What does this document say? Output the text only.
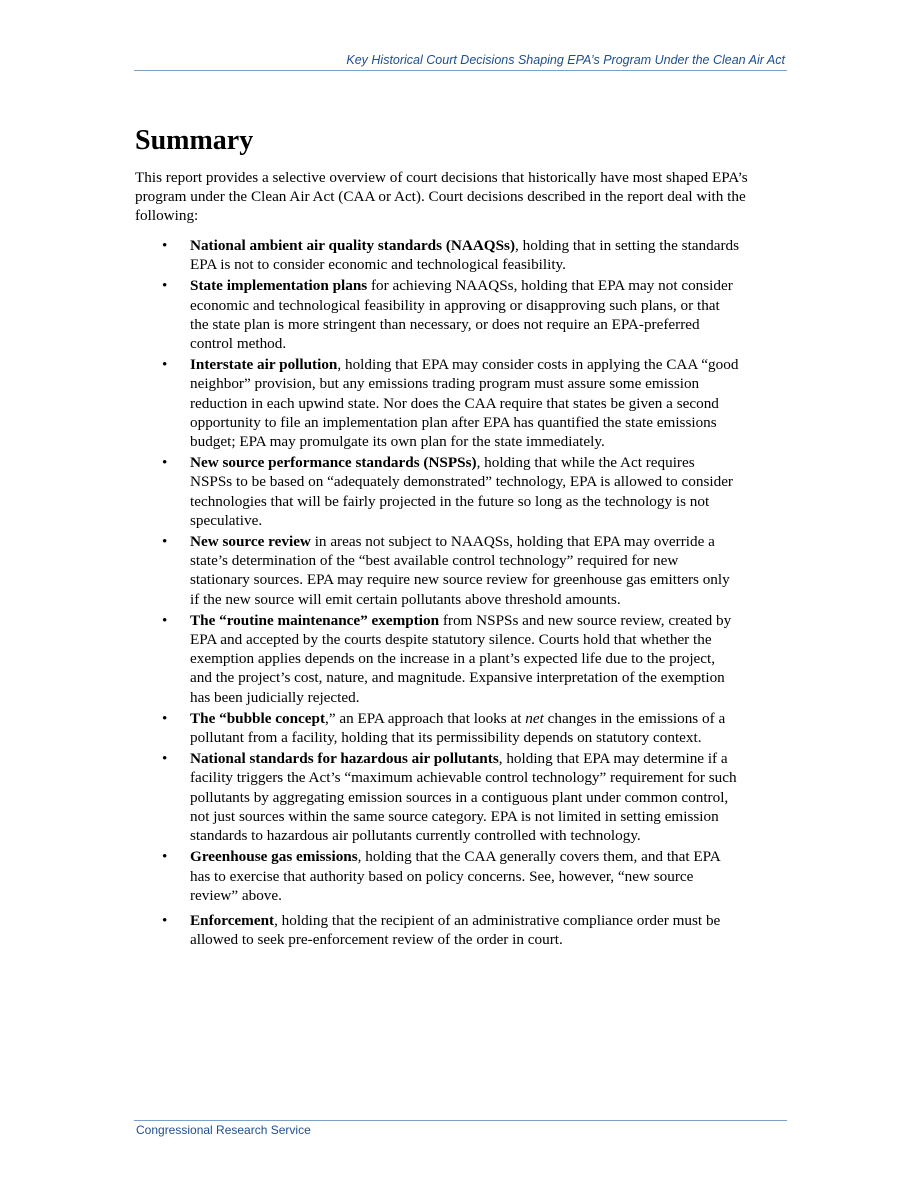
Key Historical Court Decisions Shaping EPA’s Program Under the Clean Air Act
Summary

This report provides a selective overview of court decisions that historically have most shaped EPA’s program under the Clean Air Act (CAA or Act). Court decisions described in the report deal with the following:

• National ambient air quality standards (NAAQSs), holding that in setting the standards EPA is not to consider economic and technological feasibility.
• State implementation plans for achieving NAAQSs, holding that EPA may not consider economic and technological feasibility in approving or disapproving such plans, or that the state plan is more stringent than necessary, or does not require an EPA-preferred control method.
• Interstate air pollution, holding that EPA may consider costs in applying the CAA “good neighbor” provision, but any emissions trading program must assure some emission reduction in each upwind state. Nor does the CAA require that states be given a second opportunity to file an implementation plan after EPA has quantified the state emissions budget; EPA may promulgate its own plan for the state immediately.
• New source performance standards (NSPSs), holding that while the Act requires NSPSs to be based on “adequately demonstrated” technology, EPA is allowed to consider technologies that will be fairly projected in the future so long as the technology is not speculative.
• New source review in areas not subject to NAAQSs, holding that EPA may override a state’s determination of the “best available control technology” required for new stationary sources. EPA may require new source review for greenhouse gas emitters only if the new source will emit certain pollutants above threshold amounts.
• The “routine maintenance” exemption from NSPSs and new source review, created by EPA and accepted by the courts despite statutory silence. Courts hold that whether the exemption applies depends on the increase in a plant’s expected life due to the project, and the project’s cost, nature, and magnitude. Expansive interpretation of the exemption has been judicially rejected.
• The “bubble concept,” an EPA approach that looks at net changes in the emissions of a pollutant from a facility, holding that its permissibility depends on statutory context.
• National standards for hazardous air pollutants, holding that EPA may determine if a facility triggers the Act’s “maximum achievable control technology” requirement for such pollutants by aggregating emission sources in a contiguous plant under common control, not just sources within the same source category. EPA is not limited in setting emission standards to hazardous air pollutants currently controlled with technology.
• Greenhouse gas emissions, holding that the CAA generally covers them, and that EPA has to exercise that authority based on policy concerns. See, however, “new source review” above.
• Enforcement, holding that the recipient of an administrative compliance order must be allowed to seek pre-enforcement review of the order in court.
Congressional Research Service
